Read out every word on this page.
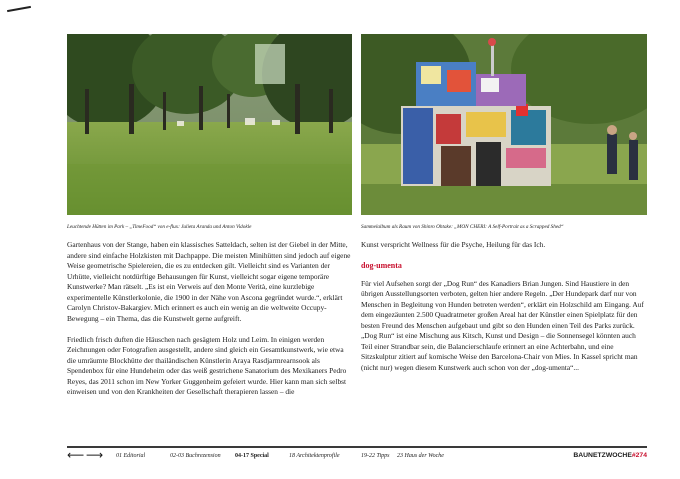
Leuchtende Hütten im Park – „TimeFood“ von e-flux: Julieta Aranda und Anton Vidokle	Sammelalbum als Raum von Shinro Ohtake: „MON CHERI: A Self-Portrait as a Scrapped Shed“

Gartenhaus von der Stange, haben ein klassisches Satteldach, selten ist der Giebel in der Mitte, andere sind einfache Holzkisten mit Dachpappe. Die meisten Minihütten sind jedoch auf eigene Weise geometrische Spielereien, die es zu entdecken gilt. Vielleicht sind es Varianten der Urhütte, vielleicht notdürftige Behausungen für Kunst, vielleicht sogar eigene temporäre Kunstwerke? Man rätselt. „Es ist ein Verweis auf den Monte Verità, eine kurzlebige experimentelle Künstlerkolonie, die 1900 in der Nähe von Ascona gegründet wurde.“, erklärt Carolyn Christov-Bakargiev. Mich erinnert es auch ein wenig an die weltweite Occupy-Bewegung – ein Thema, das die Kunstwelt gerne aufgreift.

Friedlich frisch duften die Häuschen nach gesägtem Holz und Leim. In einigen werden Zeichnungen oder Fotografien ausgestellt, andere sind gleich ein Gesamtkunstwerk, wie etwa die umräumte Blockhütte der thailändischen Künstlerin Araya Rasdjarmrearnsook als Spendenbox für eine Hundeheim oder das weiß gestrichene Sanatorium des Mexikaners Pedro Reyes, das 2011 schon im New Yorker Guggenheim gefeiert wurde. Hier kann man sich selbst einweisen und von den Krankheiten der Gesellschaft therapieren lassen – die

Kunst verspricht Wellness für die Psyche, Heilung für das Ich.

dog-umenta

Für viel Aufsehen sorgt der „Dog Run“ des Kanadiers Brian Jungen. Sind Haustiere in den übrigen Ausstellungsorten verboten, gelten hier andere Regeln. „Der Hundepark darf nur von Menschen in Begleitung von Hunden betreten werden“, erklärt ein Holzschild am Eingang. Auf dem eingezäunten 2.500 Quadratmeter großen Areal hat der Künstler einen Spielplatz für den besten Freund des Menschen aufgebaut und gibt so den Hunden einen Teil des Parks zurück. „Dog Run“ ist eine Mischung aus Kitsch, Kunst und Design – die Sonnensegel könnten auch Teil einer Strandbar sein, die Balancierschlaufe erinnert an eine Achterbahn, und eine Sitzskulptur zitiert auf komische Weise den Barcelona-Chair von Mies. In Kassel spricht man (nicht nur) wegen diesem Kunstwerk auch schon von der „dog-umenta“...

⟵ ⟶ 01 Editorial	02-03 Buchrezension 04-17 Special	18 Architektenprofile	19-22 Tipps 23 Haus der Woche	BAUNETZWOCHE#274
